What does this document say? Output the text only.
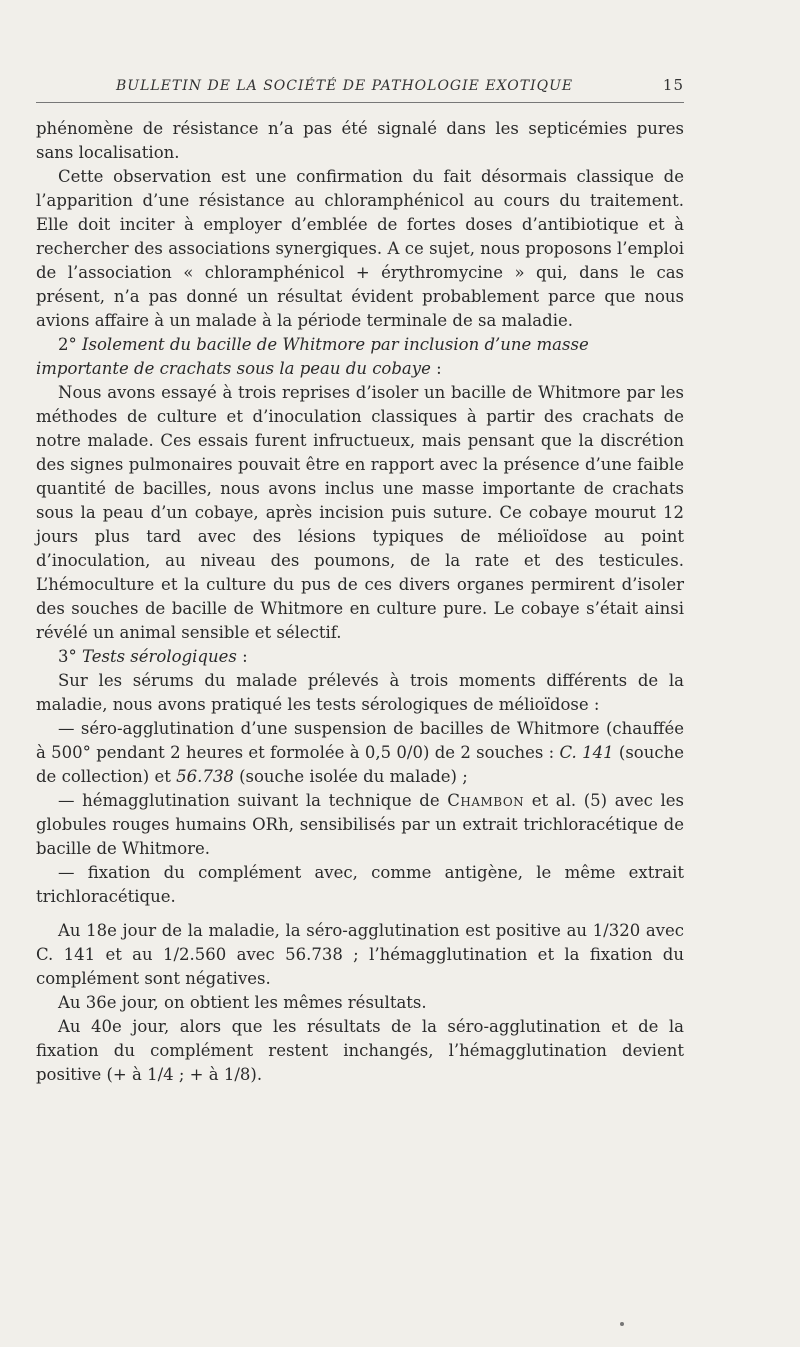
BULLETIN DE LA SOCIÉTÉ DE PATHOLOGIE EXOTIQUE	15

phénomène de résistance n’a pas été signalé dans les septicémies pures sans localisation.

Cette observation est une confirmation du fait désormais classique de l’apparition d’une résistance au chloramphénicol au cours du traitement. Elle doit inciter à employer d’emblée de fortes doses d’antibiotique et à rechercher des associations synergiques. A ce sujet, nous proposons l’emploi de l’association « chloramphénicol + érythromycine » qui, dans le cas présent, n’a pas donné un résultat évident probablement parce que nous avions affaire à un malade à la période terminale de sa maladie.

2° Isolement du bacille de Whitmore par inclusion d’une masse importante de crachats sous la peau du cobaye :

Nous avons essayé à trois reprises d’isoler un bacille de Whitmore par les méthodes de culture et d’inoculation classiques à partir des crachats de notre malade. Ces essais furent infructueux, mais pensant que la discrétion des signes pulmonaires pouvait être en rapport avec la présence d’une faible quantité de bacilles, nous avons inclus une masse importante de crachats sous la peau d’un cobaye, après incision puis suture. Ce cobaye mourut 12 jours plus tard avec des lésions typiques de mélioïdose au point d’inoculation, au niveau des poumons, de la rate et des testicules. L’hémoculture et la culture du pus de ces divers organes permirent d’isoler des souches de bacille de Whitmore en culture pure. Le cobaye s’était ainsi révélé un animal sensible et sélectif.

3° Tests sérologiques :

Sur les sérums du malade prélevés à trois moments différents de la maladie, nous avons pratiqué les tests sérologiques de mélioïdose :

— séro-agglutination d’une suspension de bacilles de Whitmore (chauffée à 500° pendant 2 heures et formolée à 0,5 0/0) de 2 souches : C. 141 (souche de collection) et 56.738 (souche isolée du malade) ;

— hémagglutination suivant la technique de Chambon et al. (5) avec les globules rouges humains ORh, sensibilisés par un extrait trichloracétique de bacille de Whitmore.

— fixation du complément avec, comme antigène, le même extrait trichloracétique.

Au 18e jour de la maladie, la séro-agglutination est positive au 1/320 avec C. 141 et au 1/2.560 avec 56.738 ; l’hémagglutination et la fixation du complément sont négatives.

Au 36e jour, on obtient les mêmes résultats.

Au 40e jour, alors que les résultats de la séro-agglutination et de la fixation du complément restent inchangés, l’hémagglutination devient positive (+ à 1/4 ; + à 1/8).
